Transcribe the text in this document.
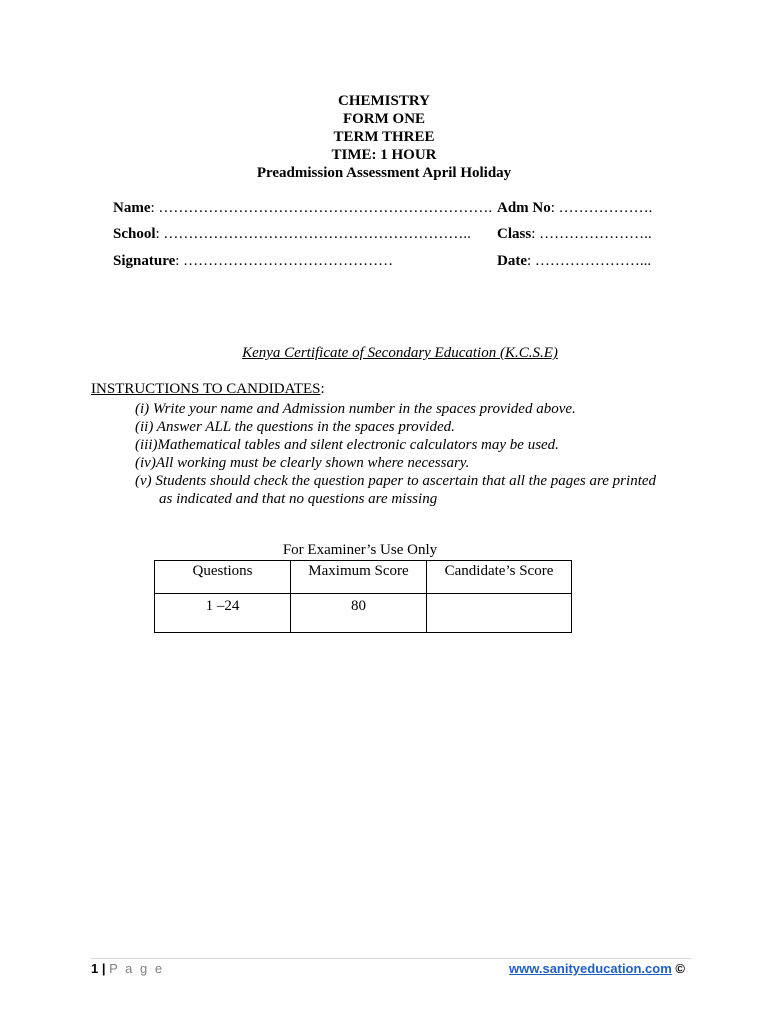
CHEMISTRY
FORM ONE
TERM THREE
TIME: 1 HOUR
Preadmission Assessment April Holiday
Name: …………………………………………………………. Adm No: ……………….
School: …………………………………………………….. Class: …………………..
Signature: ……………………………………	Date: …………………...
Kenya Certificate of Secondary Education (K.C.S.E)
INSTRUCTIONS TO CANDIDATES:
(i) Write your name and Admission number in the spaces provided above.
(ii) Answer ALL the questions in the spaces provided.
(iii)Mathematical tables and silent electronic calculators may be used.
(iv)All working must be clearly shown where necessary.
(v) Students should check the question paper to ascertain that all the pages are printed
as indicated and that no questions are missing
For Examiner’s Use Only
Questions	Maximum Score	Candidate’s Score
1 –24	80	
1 | P a g e	www.sanityeducation.com ©
